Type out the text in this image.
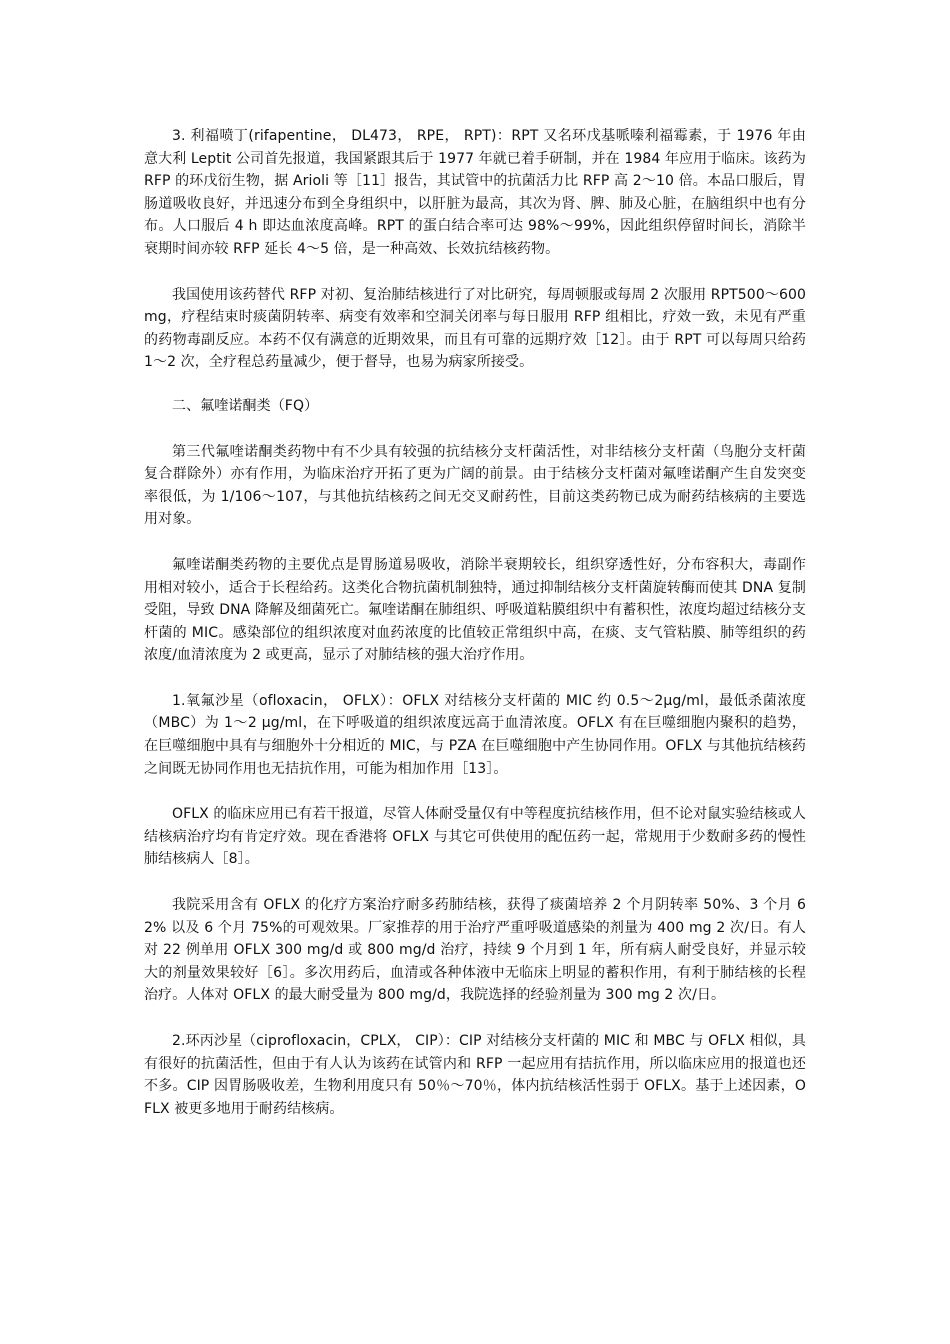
3. 利福喷丁(rifapentine， DL473， RPE， RPT)：RPT 又名环戊基哌嗪利福霉素，于 1976 年由意大利 Leptit 公司首先报道，我国紧跟其后于 1977 年就已着手研制，并在 1984 年应用于临床。该药为 RFP 的环戊衍生物，据 Arioli 等［11］报告，其试管中的抗菌活力比 RFP 高 2～10 倍。本品口服后，胃肠道吸收良好，并迅速分布到全身组织中，以肝脏为最高，其次为肾、脾、肺及心脏，在脑组织中也有分布。人口服后 4 h 即达血浓度高峰。RPT 的蛋白结合率可达 98%～99%，因此组织停留时间长，消除半衰期时间亦较 RFP 延长 4～5 倍，是一种高效、长效抗结核药物。

我国使用该药替代 RFP 对初、复治肺结核进行了对比研究，每周顿服或每周 2 次服用 RPT500～600 mg，疗程结束时痰菌阴转率、病变有效率和空洞关闭率与每日服用 RFP 组相比，疗效一致，未见有严重的药物毒副反应。本药不仅有满意的近期效果，而且有可靠的远期疗效［12］。由于 RPT 可以每周只给药 1～2 次，全疗程总药量减少，便于督导，也易为病家所接受。

二、氟喹诺酮类（FQ）

第三代氟喹诺酮类药物中有不少具有较强的抗结核分支杆菌活性，对非结核分支杆菌（鸟胞分支杆菌复合群除外）亦有作用，为临床治疗开拓了更为广阔的前景。由于结核分支杆菌对氟喹诺酮产生自发突变率很低，为 1/106～107，与其他抗结核药之间无交叉耐药性，目前这类药物已成为耐药结核病的主要选用对象。

氟喹诺酮类药物的主要优点是胃肠道易吸收，消除半衰期较长，组织穿透性好，分布容积大，毒副作用相对较小，适合于长程给药。这类化合物抗菌机制独特，通过抑制结核分支杆菌旋转酶而使其 DNA 复制受阻，导致 DNA 降解及细菌死亡。氟喹诺酮在肺组织、呼吸道粘膜组织中有蓄积性，浓度均超过结核分支杆菌的 MIC。感染部位的组织浓度对血药浓度的比值较正常组织中高，在痰、支气管粘膜、肺等组织的药浓度/血清浓度为 2 或更高，显示了对肺结核的强大治疗作用。

1.氧氟沙星（ofloxacin， OFLX）：OFLX 对结核分支杆菌的 MIC 约 0.5～2μg/ml，最低杀菌浓度（MBC）为 1～2 μg/ml，在下呼吸道的组织浓度远高于血清浓度。OFLX 有在巨噬细胞内聚积的趋势，在巨噬细胞中具有与细胞外十分相近的 MIC，与 PZA 在巨噬细胞中产生协同作用。OFLX 与其他抗结核药之间既无协同作用也无拮抗作用，可能为相加作用［13］。

OFLX 的临床应用已有若干报道，尽管人体耐受量仅有中等程度抗结核作用，但不论对鼠实验结核或人结核病治疗均有肯定疗效。现在香港将 OFLX 与其它可供使用的配伍药一起，常规用于少数耐多药的慢性肺结核病人［8］。

我院采用含有 OFLX 的化疗方案治疗耐多药肺结核，获得了痰菌培养 2 个月阴转率 50%、3 个月 62% 以及 6 个月 75%的可观效果。厂家推荐的用于治疗严重呼吸道感染的剂量为 400 mg 2 次/日。有人对 22 例单用 OFLX 300 mg/d 或 800 mg/d 治疗，持续 9 个月到 1 年，所有病人耐受良好，并显示较大的剂量效果较好［6］。多次用药后，血清或各种体液中无临床上明显的蓄积作用，有利于肺结核的长程治疗。人体对 OFLX 的最大耐受量为 800 mg/d，我院选择的经验剂量为 300 mg 2 次/日。

2.环丙沙星（ciprofloxacin，CPLX， CIP）：CIP 对结核分支杆菌的 MIC 和 MBC 与 OFLX 相似，具有很好的抗菌活性，但由于有人认为该药在试管内和 RFP 一起应用有拮抗作用，所以临床应用的报道也还不多。CIP 因胃肠吸收差，生物利用度只有 50％～70％，体内抗结核活性弱于 OFLX。基于上述因素，OFLX 被更多地用于耐药结核病。
